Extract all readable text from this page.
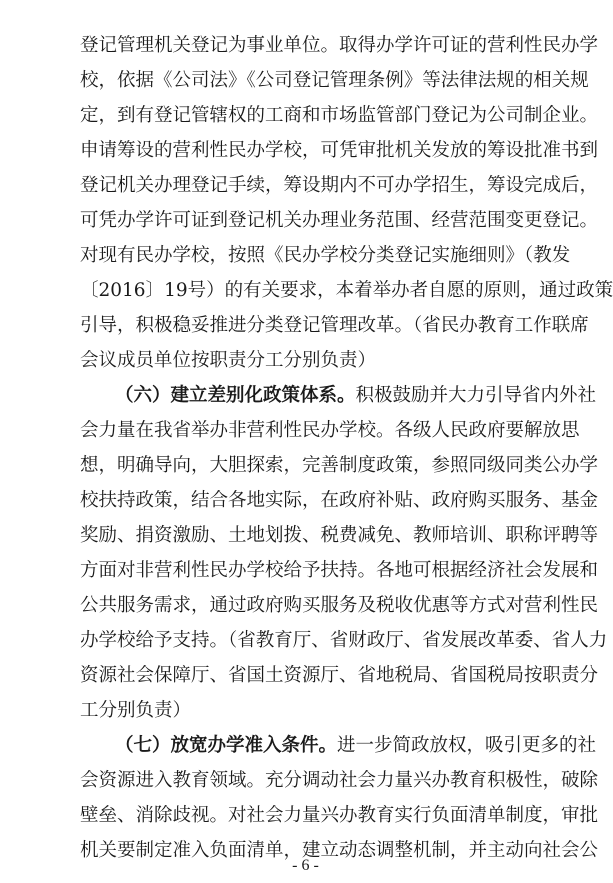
登记管理机关登记为事业单位。取得办学许可证的营利性民办学
校，依据《公司法》《公司登记管理条例》等法律法规的相关规
定，到有登记管辖权的工商和市场监管部门登记为公司制企业。
申请筹设的营利性民办学校，可凭审批机关发放的筹设批准书到
登记机关办理登记手续，筹设期内不可办学招生，筹设完成后，
可凭办学许可证到登记机关办理业务范围、经营范围变更登记。
对现有民办学校，按照《民办学校分类登记实施细则》（教发
〔2016〕19号）的有关要求，本着举办者自愿的原则，通过政策
引导，积极稳妥推进分类登记管理改革。（省民办教育工作联席
会议成员单位按职责分工分别负责）
（六）建立差别化政策体系。积极鼓励并大力引导省内外社
会力量在我省举办非营利性民办学校。各级人民政府要解放思
想，明确导向，大胆探索，完善制度政策，参照同级同类公办学
校扶持政策，结合各地实际，在政府补贴、政府购买服务、基金
奖励、捐资激励、土地划拨、税费减免、教师培训、职称评聘等
方面对非营利性民办学校给予扶持。各地可根据经济社会发展和
公共服务需求，通过政府购买服务及税收优惠等方式对营利性民
办学校给予支持。（省教育厅、省财政厅、省发展改革委、省人力
资源社会保障厅、省国土资源厅、省地税局、省国税局按职责分
工分别负责）
（七）放宽办学准入条件。进一步简政放权，吸引更多的社
会资源进入教育领域。充分调动社会力量兴办教育积极性，破除
壁垒、消除歧视。对社会力量兴办教育实行负面清单制度，审批
机关要制定准入负面清单，建立动态调整机制，并主动向社会公
- 6 -
